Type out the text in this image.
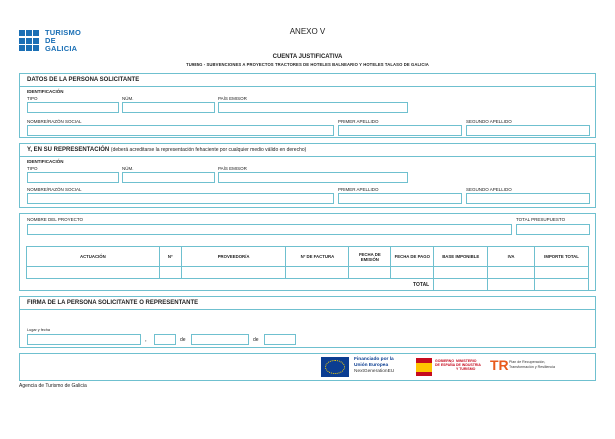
TURISMO
DE
GALICIA
ANEXO V
CUENTA JUSTIFICATIVA
TU985G - SUBVENCIONES A PROYECTOS TRACTORES DE HOTELES BALNEARIO Y HOTELES TALASO DE GALICIA
DATOS DE LA PERSONA SOLICITANTE
IDENTIFICACIÓN
TIPO	NÚM.	PAÍS EMISOR
NOMBRE/RAZÓN SOCIAL	PRIMER APELLIDO	SEGUNDO APELLIDO
Y, EN SU REPRESENTACIÓN (deberá acreditarse la representación fehaciente por cualquier medio válido en derecho)
IDENTIFICACIÓN
TIPO	NÚM.	PAÍS EMISOR
NOMBRE/RAZÓN SOCIAL	PRIMER APELLIDO	SEGUNDO APELLIDO
NOMBRE DEL PROYECTO	TOTAL PRESUPUESTO
ACTUACIÓN	Nº	PROVEEDOR/A	Nº DE FACTURA	FECHA DE EMISIÓN	FECHA DE PAGO	BASE IMPONIBLE	IVA	IMPORTE TOTAL

TOTAL								
FIRMA DE LA PERSONA SOLICITANTE O REPRESENTANTE
Lugar y fecha
,	de	de
Financiado por la
Unión Europea
NextGenerationEU
GOBIERNO
DE ESPAÑA
MINISTERIO
DE INDUSTRIA
Y TURISMO	TR Plan de Recuperación,
Transformación y Resiliencia
Agencia de Turismo de Galicia
